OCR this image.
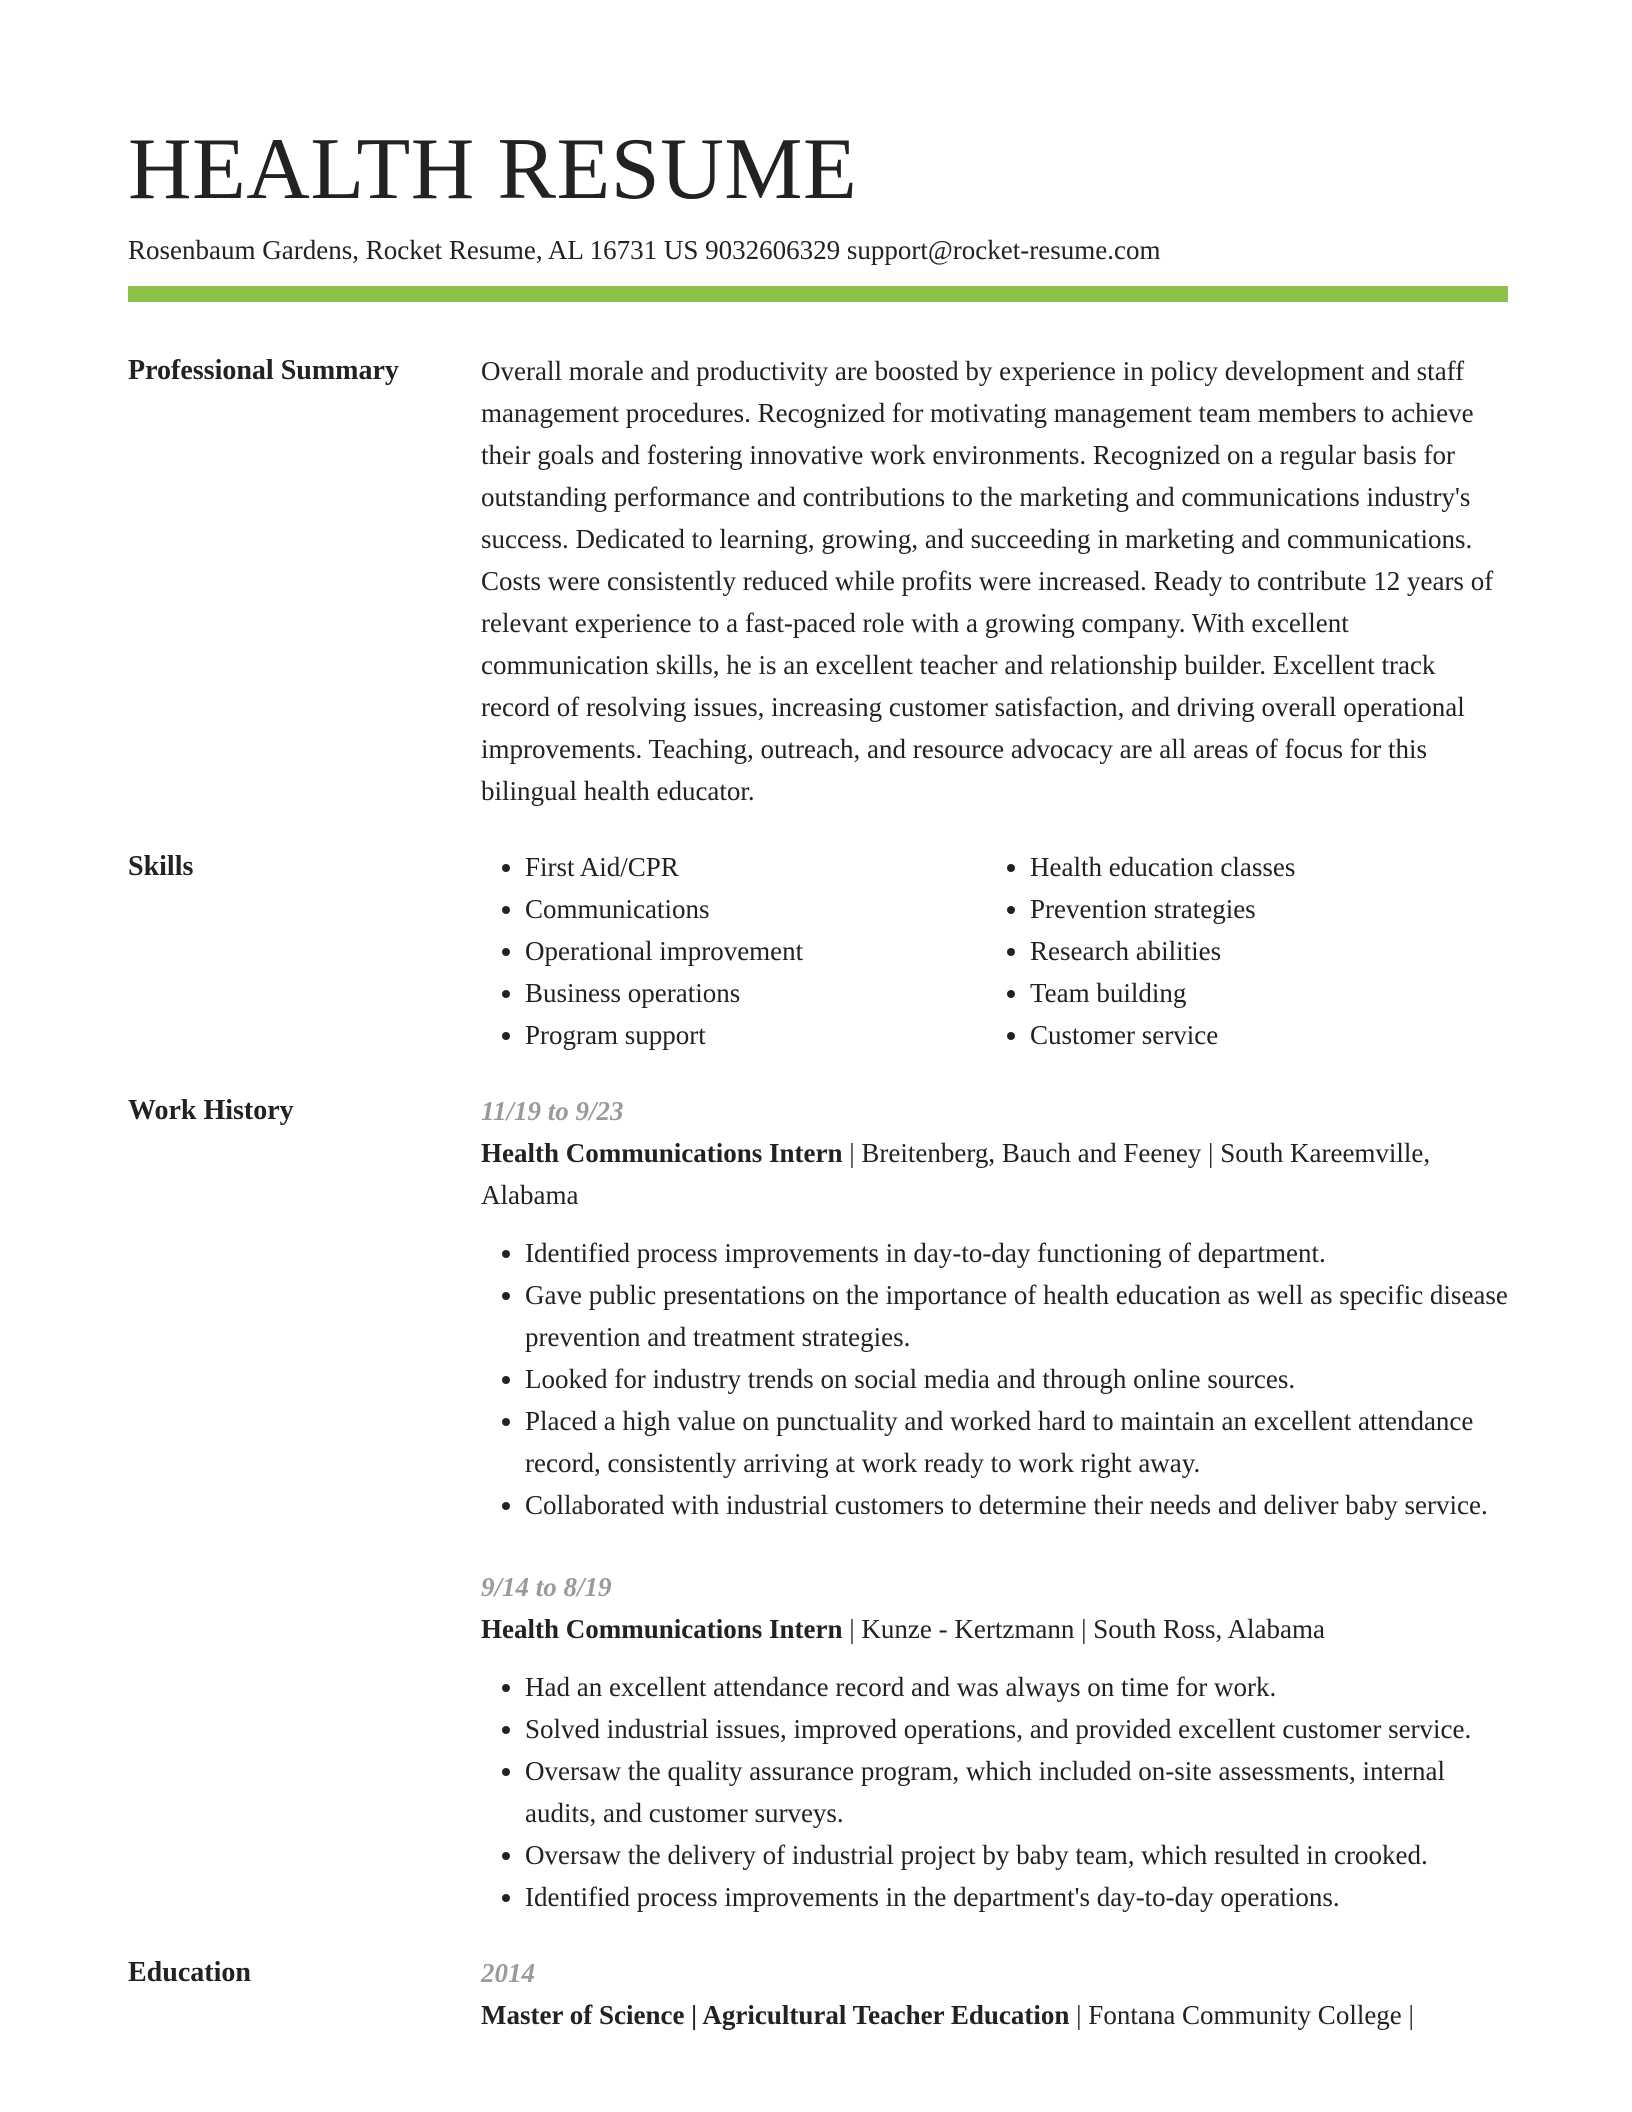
HEALTH RESUME
Rosenbaum Gardens, Rocket Resume, AL 16731 US 9032606329 support@rocket-resume.com
Professional Summary	Overall morale and productivity are boosted by experience in policy development and staff management procedures. Recognized for motivating management team members to achieve their goals and fostering innovative work environments. Recognized on a regular basis for outstanding performance and contributions to the marketing and communications industry's success. Dedicated to learning, growing, and succeeding in marketing and communications. Costs were consistently reduced while profits were increased. Ready to contribute 12 years of relevant experience to a fast-paced role with a growing company. With excellent communication skills, he is an excellent teacher and relationship builder. Excellent track record of resolving issues, increasing customer satisfaction, and driving overall operational improvements. Teaching, outreach, and resource advocacy are all areas of focus for this bilingual health educator.

Skills
•	First Aid/CPR
• Communications
• Operational improvement
• Business operations
• Program support
• Health education classes
• Prevention strategies
• Research abilities
• Team building
• Customer service
Work History	11/19 to 9/23
Health Communications Intern | Breitenberg, Bauch and Feeney | South Kareemville, Alabama
• Identified process improvements in day-to-day functioning of department.
• Gave public presentations on the importance of health education as well as specific disease prevention and treatment strategies.
• Looked for industry trends on social media and through online sources.
• Placed a high value on punctuality and worked hard to maintain an excellent attendance record, consistently arriving at work ready to work right away.
• Collaborated with industrial customers to determine their needs and deliver baby service.
9/14 to 8/19
Health Communications Intern | Kunze - Kertzmann | South Ross, Alabama
• Had an excellent attendance record and was always on time for work.
• Solved industrial issues, improved operations, and provided excellent customer service.
• Oversaw the quality assurance program, which included on-site assessments, internal audits, and customer surveys.
• Oversaw the delivery of industrial project by baby team, which resulted in crooked.
• Identified process improvements in the department's day-to-day operations.
Education	2014
Master of Science | Agricultural Teacher Education | Fontana Community College |
